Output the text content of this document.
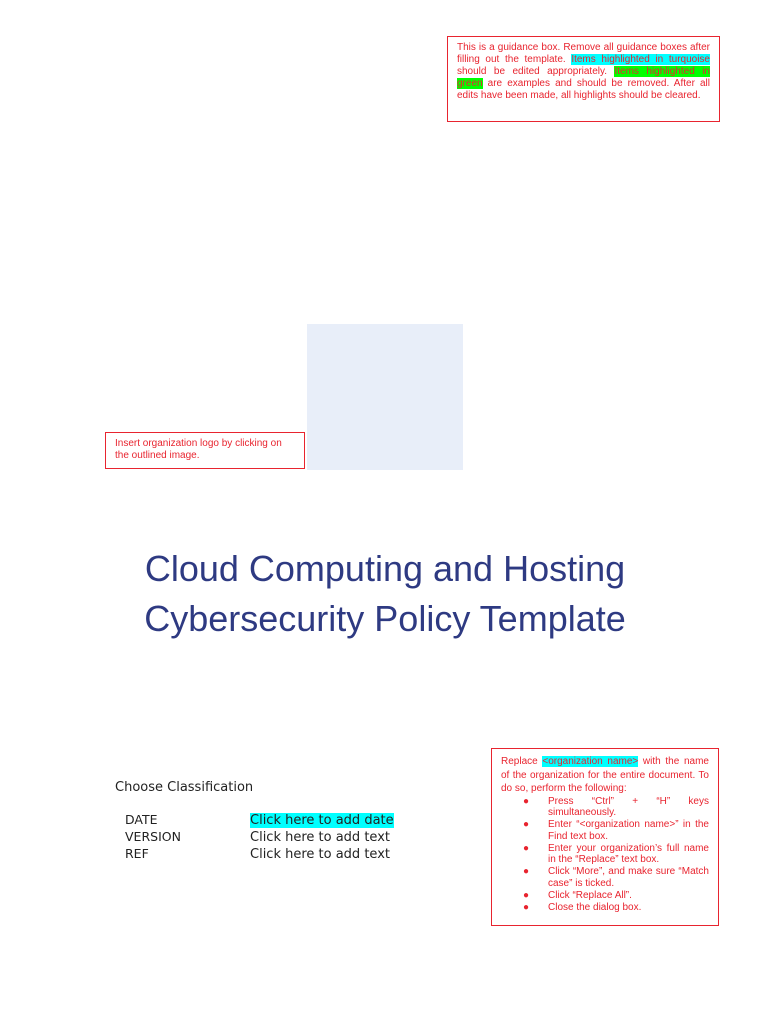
This is a guidance box. Remove all guidance boxes after filling out the template. Items highlighted in turquoise should be edited appropriately. Items highlighted in green are examples and should be removed. After all edits have been made, all highlights should be cleared.
Insert organization logo by clicking on the outlined image.
Cloud Computing and Hosting
Cybersecurity Policy Template
Choose Classification
DATE	Click here to add date
VERSION	Click here to add text
REF	Click here to add text
Replace <organization name> with the name of the organization for the entire document. To do so, perform the following:
● Press “Ctrl” + “H” keys simultaneously.
● Enter “<organization name>” in the Find text box.
● Enter your organization’s full name in the “Replace” text box.
● Click “More”, and make sure “Match case” is ticked.
● Click “Replace All”.
● Close the dialog box.
